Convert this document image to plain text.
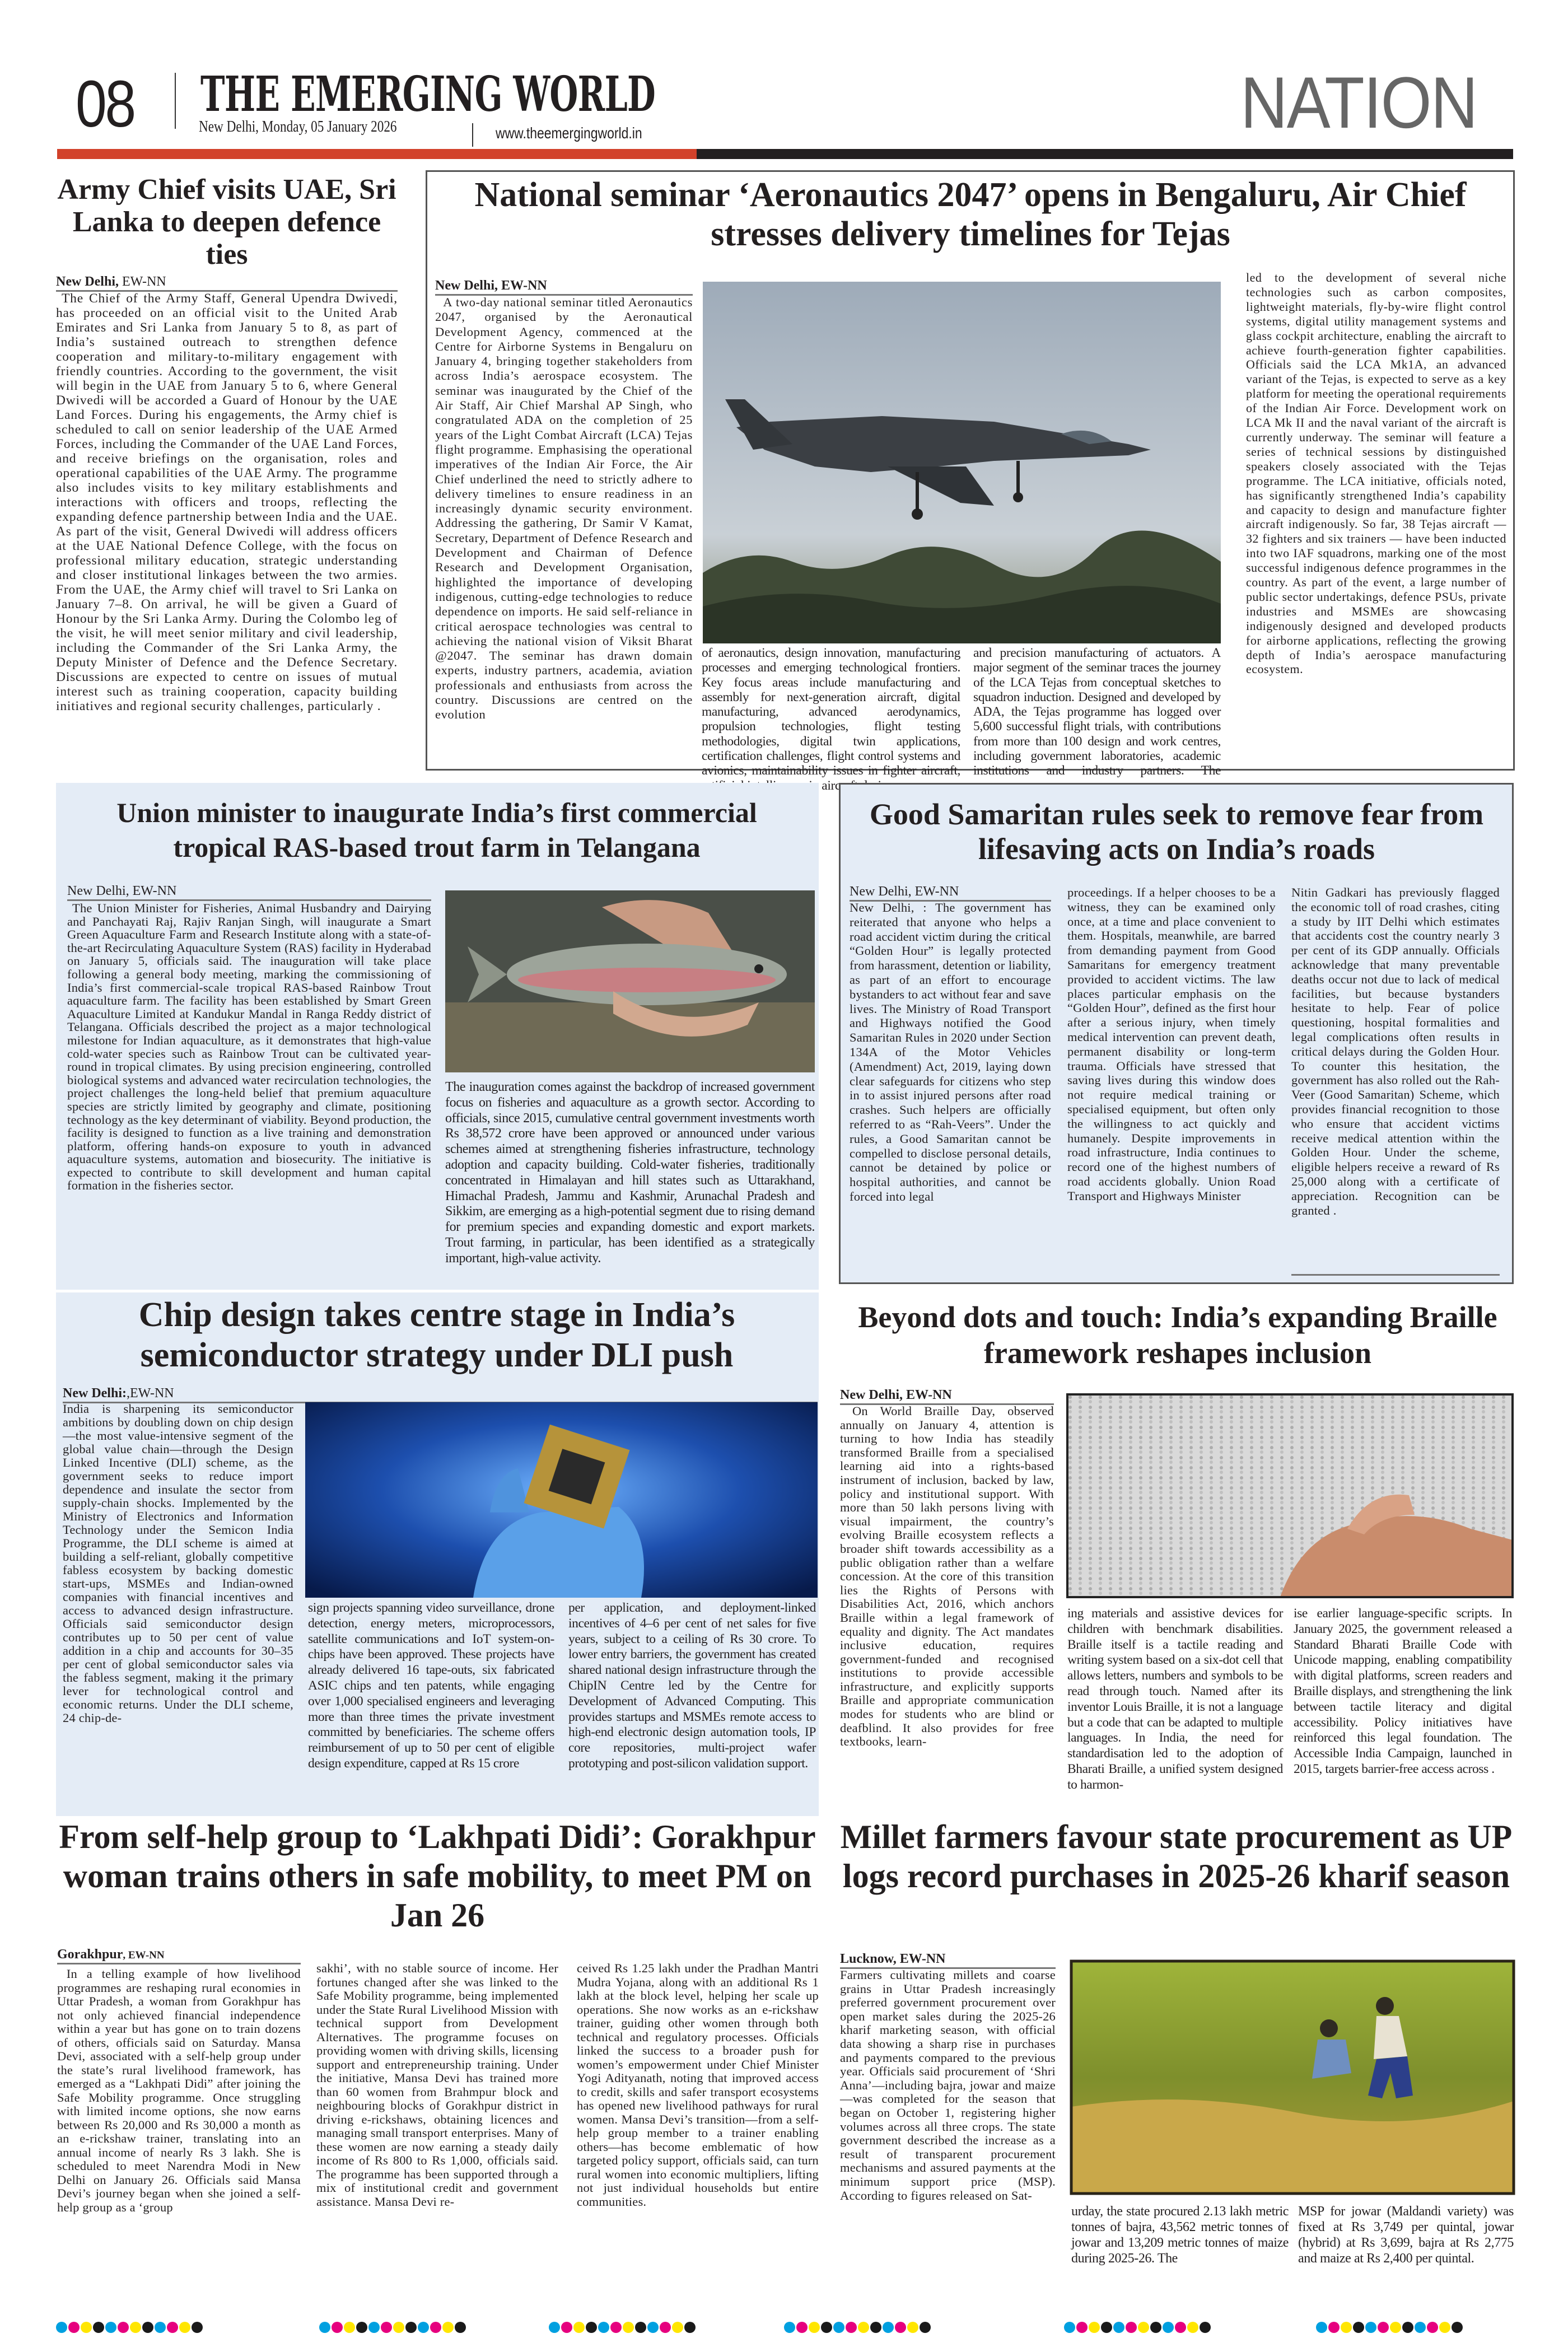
08 THE EMERGING WORLD
New Delhi, Monday, 05 January 2026	www.theemergingworld.in	NATION
Army Chief visits UAE, Sri Lanka to deepen defence ties
New Delhi, EW-NN
The Chief of the Army Staff, General Upendra Dwivedi, has proceeded on an official visit to the United Arab Emirates and Sri Lanka from January 5 to 8, as part of India’s sustained outreach to strengthen defence cooperation and military-to-military engagement with friendly countries. According to the government, the visit will begin in the UAE from January 5 to 6, where General Dwivedi will be accorded a Guard of Honour by the UAE Land Forces. During his engagements, the Army chief is scheduled to call on senior leadership of the UAE Armed Forces, including the Commander of the UAE Land Forces, and receive briefings on the organisation, roles and operational capabilities of the UAE Army. The programme also includes visits to key military establishments and interactions with officers and troops, reflecting the expanding defence partnership between India and the UAE. As part of the visit, General Dwivedi will address officers at the UAE National Defence College, with the focus on professional military education, strategic understanding and closer institutional linkages between the two armies. From the UAE, the Army chief will travel to Sri Lanka on January 7–8. On arrival, he will be given a Guard of Honour by the Sri Lanka Army. During the Colombo leg of the visit, he will meet senior military and civil leadership, including the Commander of the Sri Lanka Army, the Deputy Minister of Defence and the Defence Secretary. Discussions are expected to centre on issues of mutual interest such as training cooperation, capacity building initiatives and regional security challenges, particularly .
National seminar ‘Aeronautics 2047’ opens in Bengaluru, Air Chief stresses delivery timelines for Tejas
New Delhi, EW-NN
A two-day national seminar titled Aeronautics 2047, organised by the Aeronautical Development Agency, commenced at the Centre for Airborne Systems in Bengaluru on January 4, bringing together stakeholders from across India’s aerospace ecosystem. The seminar was inaugurated by the Chief of the Air Staff, Air Chief Marshal AP Singh, who congratulated ADA on the completion of 25 years of the Light Combat Aircraft (LCA) Tejas flight programme. Emphasising the operational imperatives of the Indian Air Force, the Air Chief underlined the need to strictly adhere to delivery timelines to ensure readiness in an increasingly dynamic security environment. Addressing the gathering, Dr Samir V Kamat, Secretary, Department of Defence Research and Development and Chairman of Defence Research and Development Organisation, highlighted the importance of developing indigenous, cutting-edge technologies to reduce dependence on imports. He said self-reliance in critical aerospace technologies was central to achieving the national vision of Viksit Bharat @2047. The seminar has drawn domain experts, industry partners, academia, aviation professionals and enthusiasts from across the country. Discussions are centred on the evolution
of aeronautics, design innovation, manufacturing processes and emerging technological frontiers. Key focus areas include manufacturing and assembly for next-generation aircraft, digital manufacturing, advanced aerodynamics, propulsion technologies, flight testing methodologies, digital twin applications, certification challenges, flight control systems and avionics, maintainability issues in fighter aircraft,
and precision manufacturing of actuators. A major segment of the seminar traces the journey of the LCA Tejas from conceptual sketches to squadron induction. Designed and developed by ADA, the Tejas programme has logged over 5,600 successful flight trials, with contributions from more than 100 design and work centres, including government laboratories, academic institutions and industry partners. The
led to the development of several niche technologies such as carbon composites, lightweight materials, fly-by-wire flight control systems, digital utility management systems and glass cockpit architecture, enabling the aircraft to achieve fourth-generation fighter capabilities. Officials said the LCA Mk1A, an advanced variant of the Tejas, is expected to serve as a key platform for meeting the operational requirements of the Indian Air Force. Development work on LCA Mk II and the naval variant of the aircraft is currently underway. The seminar will feature a series of technical sessions by distinguished speakers closely associated with the Tejas programme. The LCA initiative, officials noted, has significantly strengthened India’s capability and capacity to design and manufacture fighter aircraft indigenously. So far, 38 Tejas aircraft — 32 fighters and six trainers — have been inducted into two IAF squadrons, marking one of the most successful indigenous defence programmes in the country. As part of the event, a large number of public sector undertakings, defence PSUs, private industries and MSMEs are showcasing indigenously designed and developed products for airborne applications, reflecting the growing depth of India’s aerospace manufacturing ecosystem.
Union minister to inaugurate India’s first commercial tropical RAS-based trout farm in Telangana
New Delhi, EW-NN
The Union Minister for Fisheries, Animal Husbandry and Dairying and Panchayati Raj, Rajiv Ranjan Singh, will inaugurate a Smart Green Aquaculture Farm and Research Institute along with a state-of-the-art Recirculating Aquaculture System (RAS) facility in Hyderabad on January 5, officials said. The inauguration will take place following a general body meeting, marking the commissioning of India’s first commercial-scale tropical RAS-based Rainbow Trout aquaculture farm. The facility has been established by Smart Green Aquaculture Limited at Kandukur Mandal in Ranga Reddy district of Telangana. Officials described the project as a major technological milestone for Indian aquaculture, as it demonstrates that high-value cold-water species such as Rainbow Trout can be cultivated year-round in tropical climates. By using precision engineering, controlled biological systems and advanced water recirculation technologies, the project challenges the long-held belief that premium aquaculture species are strictly limited by geography and climate, positioning technology as the key determinant of viability. Beyond production, the facility is designed to function as a live training and demonstration platform, offering hands-on exposure to youth in advanced aquaculture systems, automation and biosecurity. The initiative is expected to contribute to skill development and human capital formation in the fisheries sector.
The inauguration comes against the backdrop of increased government focus on fisheries and aquaculture as a growth sector. According to officials, since 2015, cumulative central government investments worth Rs 38,572 crore have been approved or announced under various schemes aimed at strengthening fisheries infrastructure, technology adoption and capacity building. Cold-water fisheries, traditionally concentrated in Himalayan and hill states such as Uttarakhand, Himachal Pradesh, Jammu and Kashmir, Arunachal Pradesh and Sikkim, are emerging as a high-potential segment due to rising demand for premium species and expanding domestic and export markets. Trout farming, in particular, has been identified as a strategically important, high-value activity.
Good Samaritan rules seek to remove fear from lifesaving acts on India’s roads
New Delhi, EW-NN
New Delhi, : The government has reiterated that anyone who helps a road accident victim during the critical “Golden Hour” is legally protected from harassment, detention or liability, as part of an effort to encourage bystanders to act without fear and save lives. The Ministry of Road Transport and Highways notified the Good Samaritan Rules in 2020 under Section 134A of the Motor Vehicles (Amendment) Act, 2019, laying down clear safeguards for citizens who step in to assist injured persons after road crashes. Such helpers are officially referred to as “Rah-Veers”. Under the rules, a Good Samaritan cannot be compelled to disclose personal details, cannot be detained by police or hospital authorities, and cannot be forced into legal
proceedings. If a helper chooses to be a witness, they can be examined only once, at a time and place convenient to them. Hospitals, meanwhile, are barred from demanding payment from Good Samaritans for emergency treatment provided to accident victims. The law places particular emphasis on the “Golden Hour”, defined as the first hour after a serious injury, when timely medical intervention can prevent death, permanent disability or long-term trauma. Officials have stressed that saving lives during this window does not require medical training or specialised equipment, but often only the willingness to act quickly and humanely. Despite improvements in road infrastructure, India continues to record one of the highest numbers of road accidents globally. Union Road Transport and Highways Minister
Nitin Gadkari has previously flagged the economic toll of road crashes, citing a study by IIT Delhi which estimates that accidents cost the country nearly 3 per cent of its GDP annually. Officials acknowledge that many preventable deaths occur not due to lack of medical facilities, but because bystanders hesitate to help. Fear of police questioning, hospital formalities and legal complications often results in critical delays during the Golden Hour. To counter this hesitation, the government has also rolled out the Rah-Veer (Good Samaritan) Scheme, which provides financial recognition to those who ensure that accident victims receive medical attention within the Golden Hour. Under the scheme, eligible helpers receive a reward of Rs 25,000 along with a certificate of appreciation. Recognition can be granted .
Chip design takes centre stage in India’s semiconductor strategy under DLI push
New Delhi:,EW-NN
India is sharpening its semiconductor ambitions by doubling down on chip design—the most value-intensive segment of the global value chain—through the Design Linked Incentive (DLI) scheme, as the government seeks to reduce import dependence and insulate the sector from supply-chain shocks. Implemented by the Ministry of Electronics and Information Technology under the Semicon India Programme, the DLI scheme is aimed at building a self-reliant, globally competitive fabless ecosystem by backing domestic start-ups, MSMEs and Indian-owned companies with financial incentives and access to advanced design infrastructure. Officials said semiconductor design contributes up to 50 per cent of value addition in a chip and accounts for 30–35 per cent of global semiconductor sales via the fabless segment, making it the primary lever for technological control and economic returns. Under the DLI scheme, 24 chip-de-
sign projects spanning video surveillance, drone detection, energy meters, microprocessors, satellite communications and IoT system-on-chips have been approved. These projects have already delivered 16 tape-outs, six fabricated ASIC chips and ten patents, while engaging over 1,000 specialised engineers and leveraging more than three times the private investment committed by beneficiaries. The scheme offers reimbursement of up to 50 per cent of eligible design expenditure, capped at Rs 15 crore
per application, and deployment-linked incentives of 4–6 per cent of net sales for five years, subject to a ceiling of Rs 30 crore. To lower entry barriers, the government has created shared national design infrastructure through the ChipIN Centre led by the Centre for Development of Advanced Computing. This provides startups and MSMEs remote access to high-end electronic design automation tools, IP core repositories, multi-project wafer prototyping and post-silicon validation support.
Beyond dots and touch: India’s expanding Braille framework reshapes inclusion
New Delhi, EW-NN
On World Braille Day, observed annually on January 4, attention is turning to how India has steadily transformed Braille from a specialised learning aid into a rights-based instrument of inclusion, backed by law, policy and institutional support. With more than 50 lakh persons living with visual impairment, the country’s evolving Braille ecosystem reflects a broader shift towards accessibility as a public obligation rather than a welfare concession. At the core of this transition lies the Rights of Persons with Disabilities Act, 2016, which anchors Braille within a legal framework of equality and dignity. The Act mandates inclusive education, requires government-funded and recognised institutions to provide accessible infrastructure, and explicitly supports Braille and appropriate communication modes for students who are blind or deafblind. It also provides for free textbooks, learn-
ing materials and assistive devices for children with benchmark disabilities. Braille itself is a tactile reading and writing system based on a six-dot cell that allows letters, numbers and symbols to be read through touch. Named after its inventor Louis Braille, it is not a language but a code that can be adapted to multiple languages. In India, the need for standardisation led to the adoption of Bharati Braille, a unified system designed to harmon-
ise earlier language-specific scripts. In January 2025, the government released a Standard Bharati Braille Code with Unicode mapping, enabling compatibility with digital platforms, screen readers and Braille displays, and strengthening the link between tactile literacy and digital accessibility. Policy initiatives have reinforced this legal foundation. The Accessible India Campaign, launched in 2015, targets barrier-free access across .
From self-help group to ‘Lakhpati Didi’: Gorakhpur woman trains others in safe mobility, to meet PM on Jan 26
Gorakhpur, EW-NN
In a telling example of how livelihood programmes are reshaping rural economies in Uttar Pradesh, a woman from Gorakhpur has not only achieved financial independence within a year but has gone on to train dozens of others, officials said on Saturday. Mansa Devi, associated with a self-help group under the state’s rural livelihood framework, has emerged as a “Lakhpati Didi” after joining the Safe Mobility programme. Once struggling with limited income options, she now earns between Rs 20,000 and Rs 30,000 a month as an e-rickshaw trainer, translating into an annual income of nearly Rs 3 lakh. She is scheduled to meet Narendra Modi in New Delhi on January 26. Officials said Mansa Devi’s journey began when she joined a self-help group as a ‘group
sakhi’, with no stable source of income. Her fortunes changed after she was linked to the Safe Mobility programme, being implemented under the State Rural Livelihood Mission with technical support from Development Alternatives. The programme focuses on providing women with driving skills, licensing support and entrepreneurship training. Under the initiative, Mansa Devi has trained more than 60 women from Brahmpur block and neighbouring blocks of Gorakhpur district in driving e-rickshaws, obtaining licences and managing small transport enterprises. Many of these women are now earning a steady daily income of Rs 800 to Rs 1,000, officials said. The programme has been supported through a mix of institutional credit and government assistance. Mansa Devi re-
ceived Rs 1.25 lakh under the Pradhan Mantri Mudra Yojana, along with an additional Rs 1 lakh at the block level, helping her scale up operations. She now works as an e-rickshaw trainer, guiding other women through both technical and regulatory processes. Officials linked the success to a broader push for women’s empowerment under Chief Minister Yogi Adityanath, noting that improved access to credit, skills and safer transport ecosystems has opened new livelihood pathways for rural women. Mansa Devi’s transition—from a self-help group member to a trainer enabling others—has become emblematic of how targeted policy support, officials said, can turn rural women into economic multipliers, lifting not just individual households but entire communities.
Millet farmers favour state procurement as UP logs record purchases in 2025-26 kharif season
Lucknow, EW-NN
Farmers cultivating millets and coarse grains in Uttar Pradesh increasingly preferred government procurement over open market sales during the 2025-26 kharif marketing season, with official data showing a sharp rise in purchases and payments compared to the previous year. Officials said procurement of ‘Shri Anna’—including bajra, jowar and maize—was completed for the season that began on October 1, registering higher volumes across all three crops. The state government described the increase as a result of transparent procurement mechanisms and assured payments at the minimum support price (MSP). According to figures released on Sat-
urday, the state procured 2.13 lakh metric tonnes of bajra, 43,562 metric tonnes of jowar and 13,209 metric tonnes of maize during 2025-26. The
MSP for jowar (Maldandi variety) was fixed at Rs 3,749 per quintal, jowar (hybrid) at Rs 3,699, bajra at Rs 2,775 and maize at Rs 2,400 per quintal.
